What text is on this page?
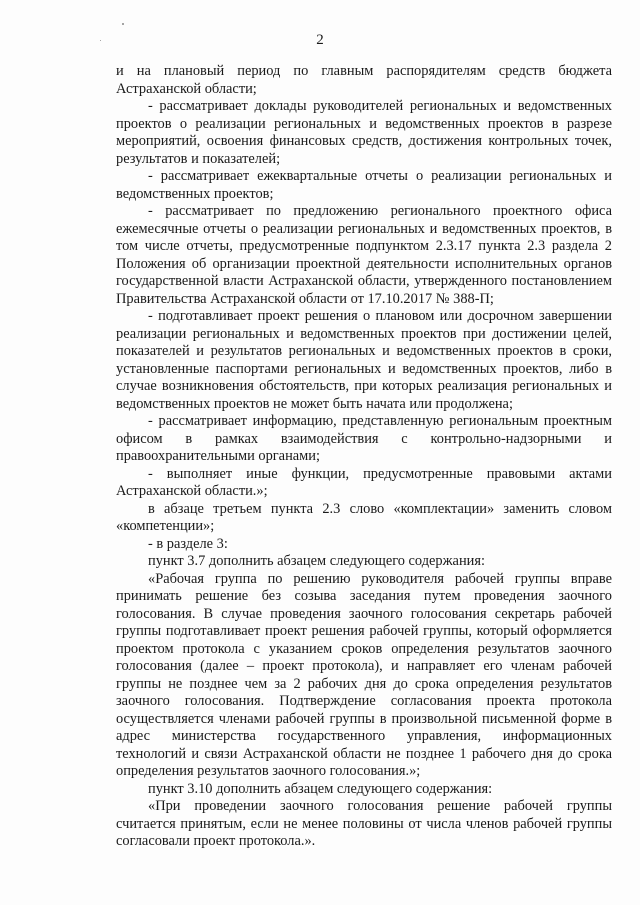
2

и на плановый период по главным распорядителям средств бюджета Астраханской области;

- рассматривает доклады руководителей региональных и ведомственных проектов о реализации региональных и ведомственных проектов в разрезе мероприятий, освоения финансовых средств, достижения контрольных точек, результатов и показателей;

- рассматривает ежеквартальные отчеты о реализации региональных и ведомственных проектов;

- рассматривает по предложению регионального проектного офиса ежемесячные отчеты о реализации региональных и ведомственных проектов, в том числе отчеты, предусмотренные подпунктом 2.3.17 пункта 2.3 раздела 2 Положения об организации проектной деятельности исполнительных органов государственной власти Астраханской области, утвержденного постановлением Правительства Астраханской области от 17.10.2017 № 388-П;

- подготавливает проект решения о плановом или досрочном завершении реализации региональных и ведомственных проектов при достижении целей, показателей и результатов региональных и ведомственных проектов в сроки, установленные паспортами региональных и ведомственных проектов, либо в случае возникновения обстоятельств, при которых реализация региональных и ведомственных проектов не может быть начата или продолжена;

- рассматривает информацию, представленную региональным проектным офисом в рамках взаимодействия с контрольно-надзорными и правоохранительными органами;

- выполняет иные функции, предусмотренные правовыми актами Астраханской области.»;

в абзаце третьем пункта 2.3 слово «комплектации» заменить словом «компетенции»;

- в разделе 3:

пункт 3.7 дополнить абзацем следующего содержания:

«Рабочая группа по решению руководителя рабочей группы вправе принимать решение без созыва заседания путем проведения заочного голосования. В случае проведения заочного голосования секретарь рабочей группы подготавливает проект решения рабочей группы, который оформляется проектом протокола с указанием сроков определения результатов заочного голосования (далее – проект протокола), и направляет его членам рабочей группы не позднее чем за 2 рабочих дня до срока определения результатов заочного голосования. Подтверждение согласования проекта протокола осуществляется членами рабочей группы в произвольной письменной форме в адрес министерства государственного управления, информационных технологий и связи Астраханской области не позднее 1 рабочего дня до срока определения результатов заочного голосования.»;

пункт 3.10 дополнить абзацем следующего содержания:

«При проведении заочного голосования решение рабочей группы считается принятым, если не менее половины от числа членов рабочей группы согласовали проект протокола.».
